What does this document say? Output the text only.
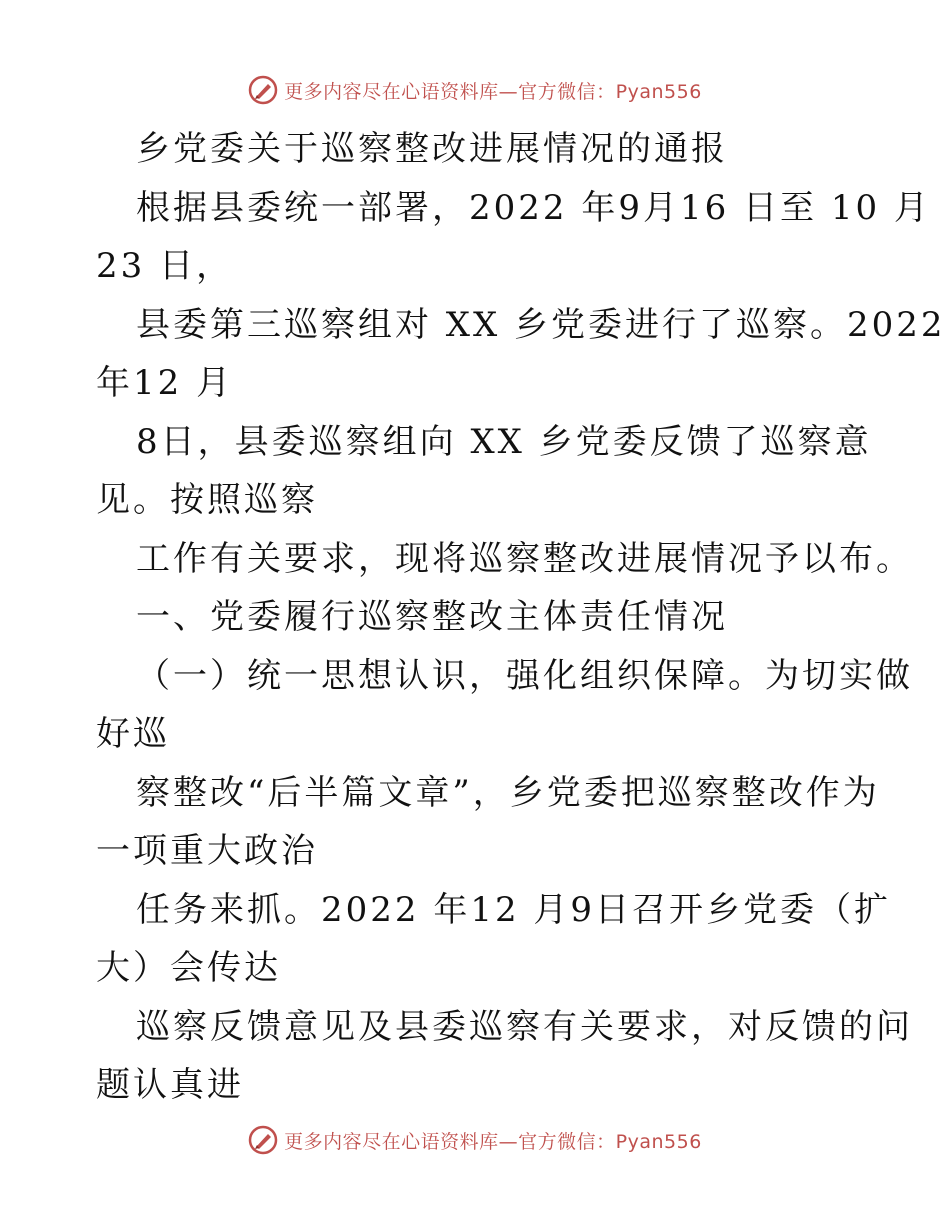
更多内容尽在心语资料库—官方微信：Pyan556
乡党委关于巡察整改进展情况的通报
根据县委统一部署，2022 年9月16 日至 10 月
23 日，
县委第三巡察组对 XX 乡党委进行了巡察。2022
年12 月
8日，县委巡察组向 XX 乡党委反馈了巡察意
见。按照巡察
工作有关要求，现将巡察整改进展情况予以布。
一、党委履行巡察整改主体责任情况
（一）统一思想认识，强化组织保障。为切实做
好巡
察整改“后半篇文章”，乡党委把巡察整改作为
一项重大政治
任务来抓。2022 年12 月9日召开乡党委（扩
大）会传达
巡察反馈意见及县委巡察有关要求，对反馈的问
题认真进
更多内容尽在心语资料库—官方微信：Pyan556
